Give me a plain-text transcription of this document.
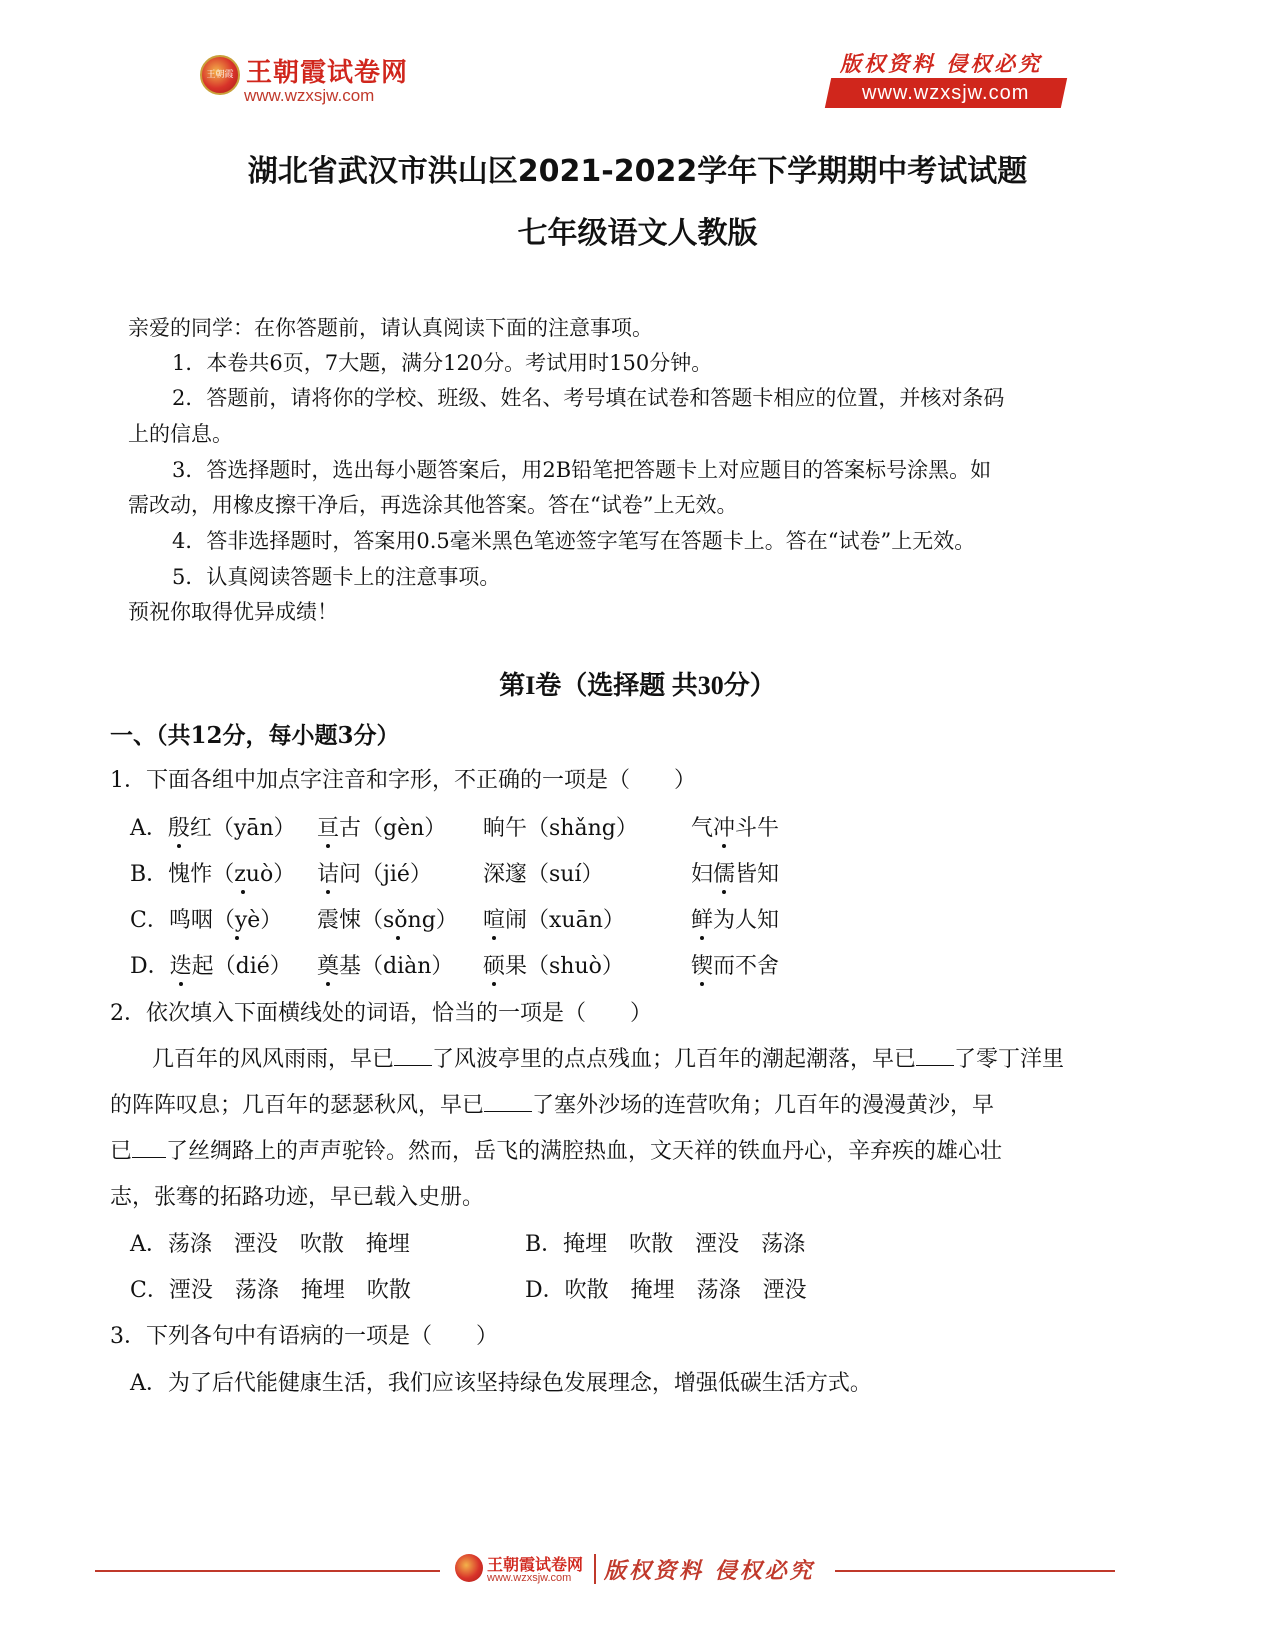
王朝霞 王朝霞试卷网
www.wzxsjw.com
版权资料 侵权必究
www.wzxsjw.com
湖北省武汉市洪山区2021-2022学年下学期期中考试试题
七年级语文人教版
亲爱的同学：在你答题前，请认真阅读下面的注意事项。
1．本卷共6页，7大题，满分120分。考试用时150分钟。
2．答题前，请将你的学校、班级、姓名、考号填在试卷和答题卡相应的位置，并核对条码
上的信息。
3．答选择题时，选出每小题答案后，用2B铅笔把答题卡上对应题目的答案标号涂黑。如
需改动，用橡皮擦干净后，再选涂其他答案。答在“试卷”上无效。
4．答非选择题时，答案用0.5毫米黑色笔迹签字笔写在答题卡上。答在“试卷”上无效。
5．认真阅读答题卡上的注意事项。
预祝你取得优异成绩！
第I卷（选择题 共30分）
一、（共12分，每小题3分）
1．下面各组中加点字注音和字形，不正确的一项是（　　）
A．殷红（yān） 亘古（gèn） 晌午（shǎng） 气冲斗牛
B．愧怍（zuò） 诘问（jié） 深邃（suí）	妇儒皆知
C．鸣咽（yè） 震悚（sǒng） 喧闹（xuān）	鲜为人知
D．迭起（dié） 奠基（diàn） 硕果（shuò）	锲而不舍
2．依次填入下面横线处的词语，恰当的一项是（　　）
几百年的风风雨雨，早已 了风波亭里的点点残血；几百年的潮起潮落，早已 了零丁洋里
的阵阵叹息；几百年的瑟瑟秋风，早已 了塞外沙场的连营吹角；几百年的漫漫黄沙，早
已 了丝绸路上的声声驼铃。然而，岳飞的满腔热血，文天祥的铁血丹心，辛弃疾的雄心壮
志，张骞的拓路功迹，早已载入史册。
A．荡涤　湮没　吹散　掩埋	B．掩埋　吹散　湮没　荡涤
C．湮没　荡涤　掩埋　吹散	D．吹散　掩埋　荡涤　湮没
3．下列各句中有语病的一项是（　　）
A．为了后代能健康生活，我们应该坚持绿色发展理念，增强低碳生活方式。
王朝霞试卷网
www.wzxsjw.com 版权资料 侵权必究
